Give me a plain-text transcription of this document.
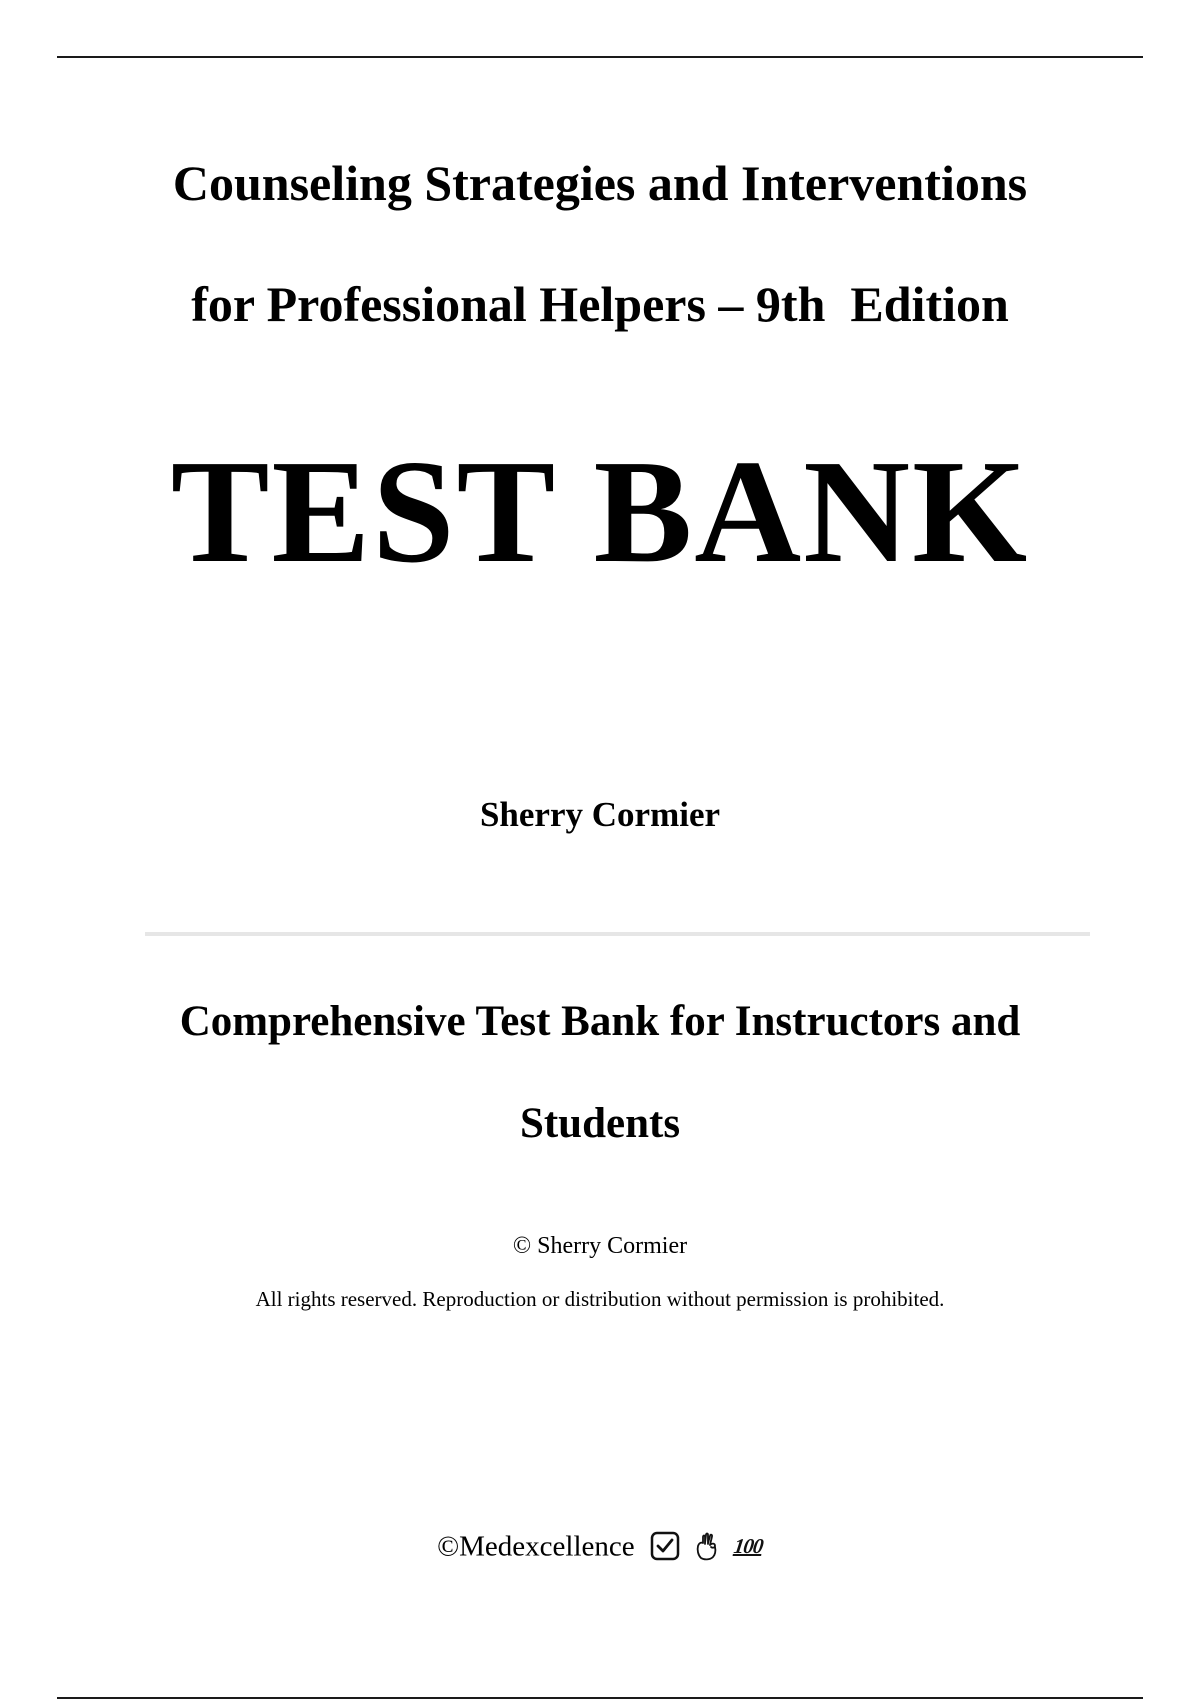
Counseling Strategies and Interventions
for Professional Helpers – 9th  Edition
TEST BANK
Sherry Cormier
Comprehensive Test Bank for Instructors and
Students
© Sherry Cormier
All rights reserved. Reproduction or distribution without permission is prohibited.
©Medexcellence
	100
